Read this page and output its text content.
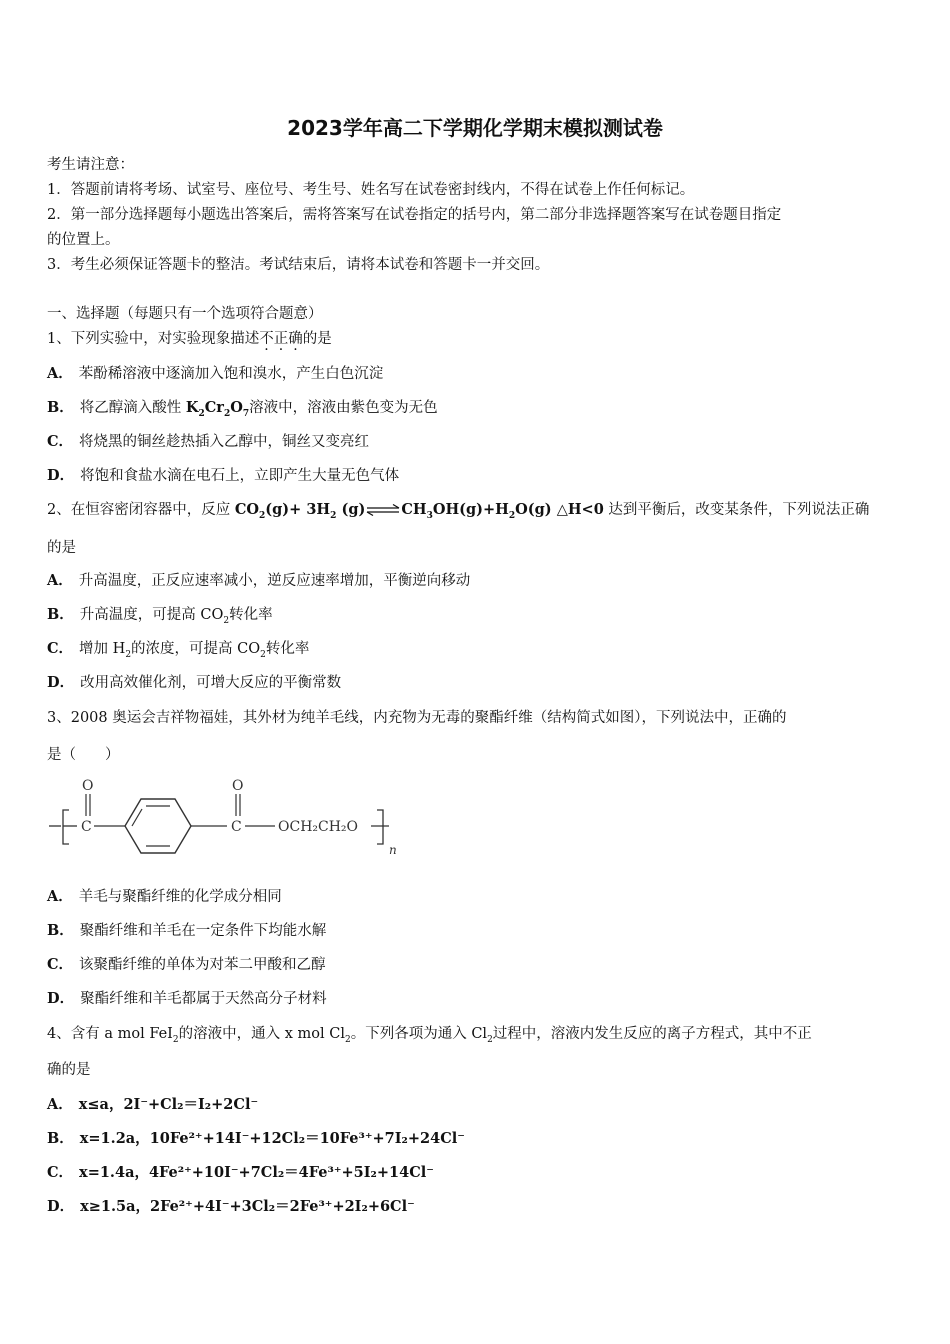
2023学年高二下学期化学期末模拟测试卷
考生请注意：
1．答题前请将考场、试室号、座位号、考生号、姓名写在试卷密封线内，不得在试卷上作任何标记。
2．第一部分选择题每小题选出答案后，需将答案写在试卷指定的括号内，第二部分非选择题答案写在试卷题目指定
的位置上。
3．考生必须保证答题卡的整洁。考试结束后，请将本试卷和答题卡一并交回。
一、选择题（每题只有一个选项符合题意）
1、下列实验中，对实验现象描述不正确的是
A． 苯酚稀溶液中逐滴加入饱和溴水，产生白色沉淀
B． 将乙醇滴入酸性 $K_2Cr_2O_7$溶液中，溶液由紫色变为无色
C． 将烧黑的铜丝趁热插入乙醇中，铜丝又变亮红
D． 将饱和食盐水滴在电石上，立即产生大量无色气体
2、在恒容密闭容器中，反应 $CO_2(g)+ 3H_2$ $(g)\rightleftharpoons CH_3OH(g)+H_2O(g)$ △H<0 达到平衡后，改变某条件，下列说法正确
的是
A． 升高温度，正反应速率减小，逆反应速率增加，平衡逆向移动
B． 升高温度，可提高 $CO_2$转化率
C． 增加 $H_2$的浓度，可提高 $CO_2$转化率
D． 改用高效催化剂，可增大反应的平衡常数
3、2008 奥运会吉祥物福娃，其外材为纯羊毛线，内充物为无毒的聚酯纤维（结构简式如图），下列说法中，正确的
是（　　）
C
O
C
O
OCH₂CH₂O
n
A． 羊毛与聚酯纤维的化学成分相同
B． 聚酯纤维和羊毛在一定条件下均能水解
C． 该聚酯纤维的单体为对苯二甲酸和乙醇
D． 聚酯纤维和羊毛都属于天然高分子材料
4、含有 a mol FeI$_2$的溶液中，通入 x mol $Cl_2$。下列各项为通入 $Cl_2$过程中，溶液内发生反应的离子方程式，其中不正
确的是
A． x≤a，2I⁻+Cl₂＝I₂+2Cl⁻
B． x=1.2a，10Fe²⁺+14I⁻+12Cl₂＝10Fe³⁺+7I₂+24Cl⁻
C． x=1.4a，4Fe²⁺+10I⁻+7Cl₂＝4Fe³⁺+5I₂+14Cl⁻
D． x≥1.5a，2Fe²⁺+4I⁻+3Cl₂＝2Fe³⁺+2I₂+6Cl⁻
